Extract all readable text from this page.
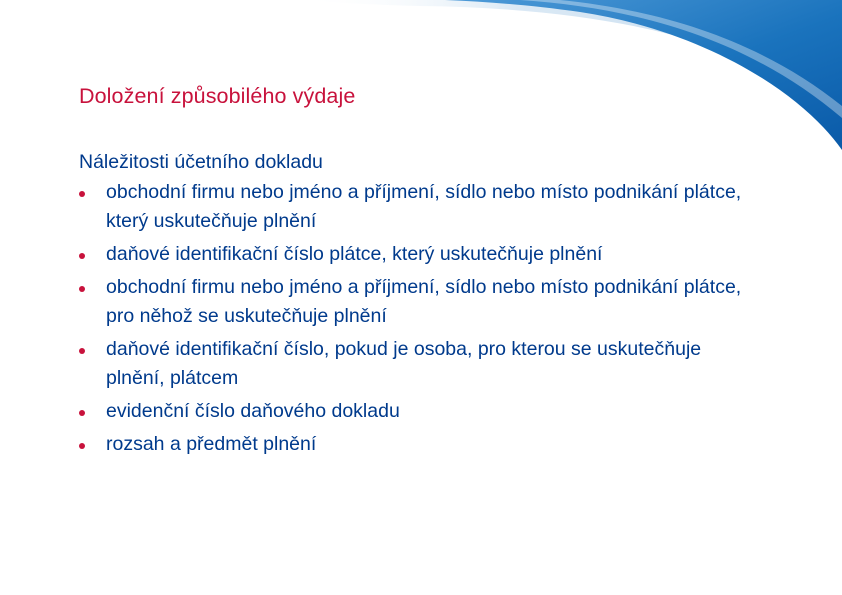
Doložení způsobilého výdaje

Náležitosti účetního dokladu

obchodní firmu nebo jméno a příjmení, sídlo nebo místo podnikání plátce, který uskutečňuje plnění
daňové identifikační číslo plátce, který uskutečňuje plnění
obchodní firmu nebo jméno a příjmení, sídlo nebo místo podnikání plátce, pro něhož se uskutečňuje plnění
daňové identifikační číslo, pokud je osoba, pro kterou se uskutečňuje plnění, plátcem
evidenční číslo daňového dokladu
rozsah a předmět plnění
